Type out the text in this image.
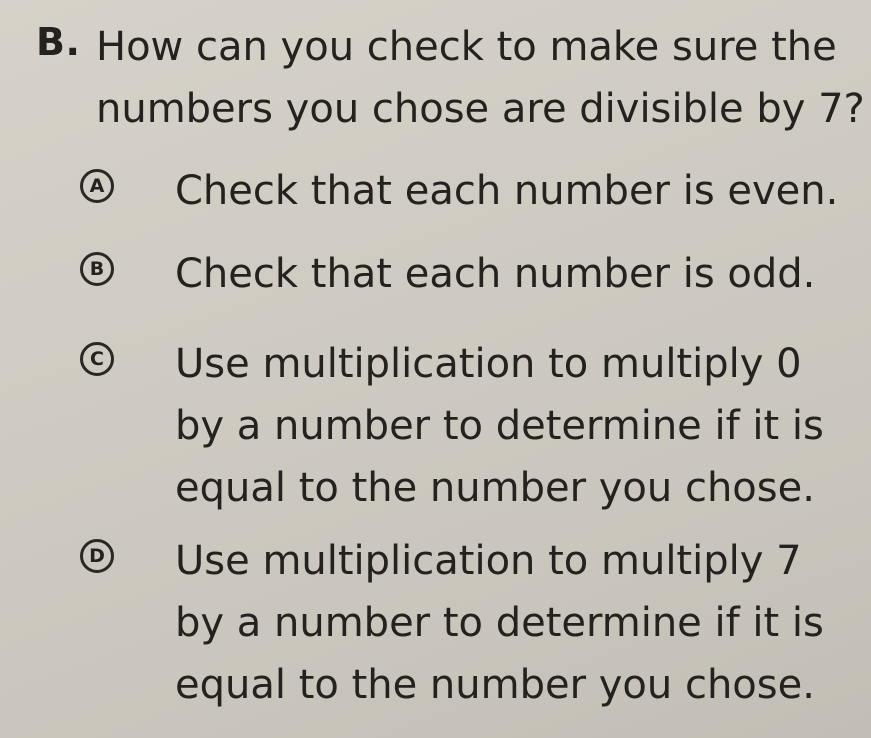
B. How can you check to make sure the numbers you chose are divisible by 7?
A Check that each number is even.
B Check that each number is odd.
C Use multiplication to multiply 0 by a number to determine if it is equal to the number you chose.
D Use multiplication to multiply 7 by a number to determine if it is equal to the number you chose.
